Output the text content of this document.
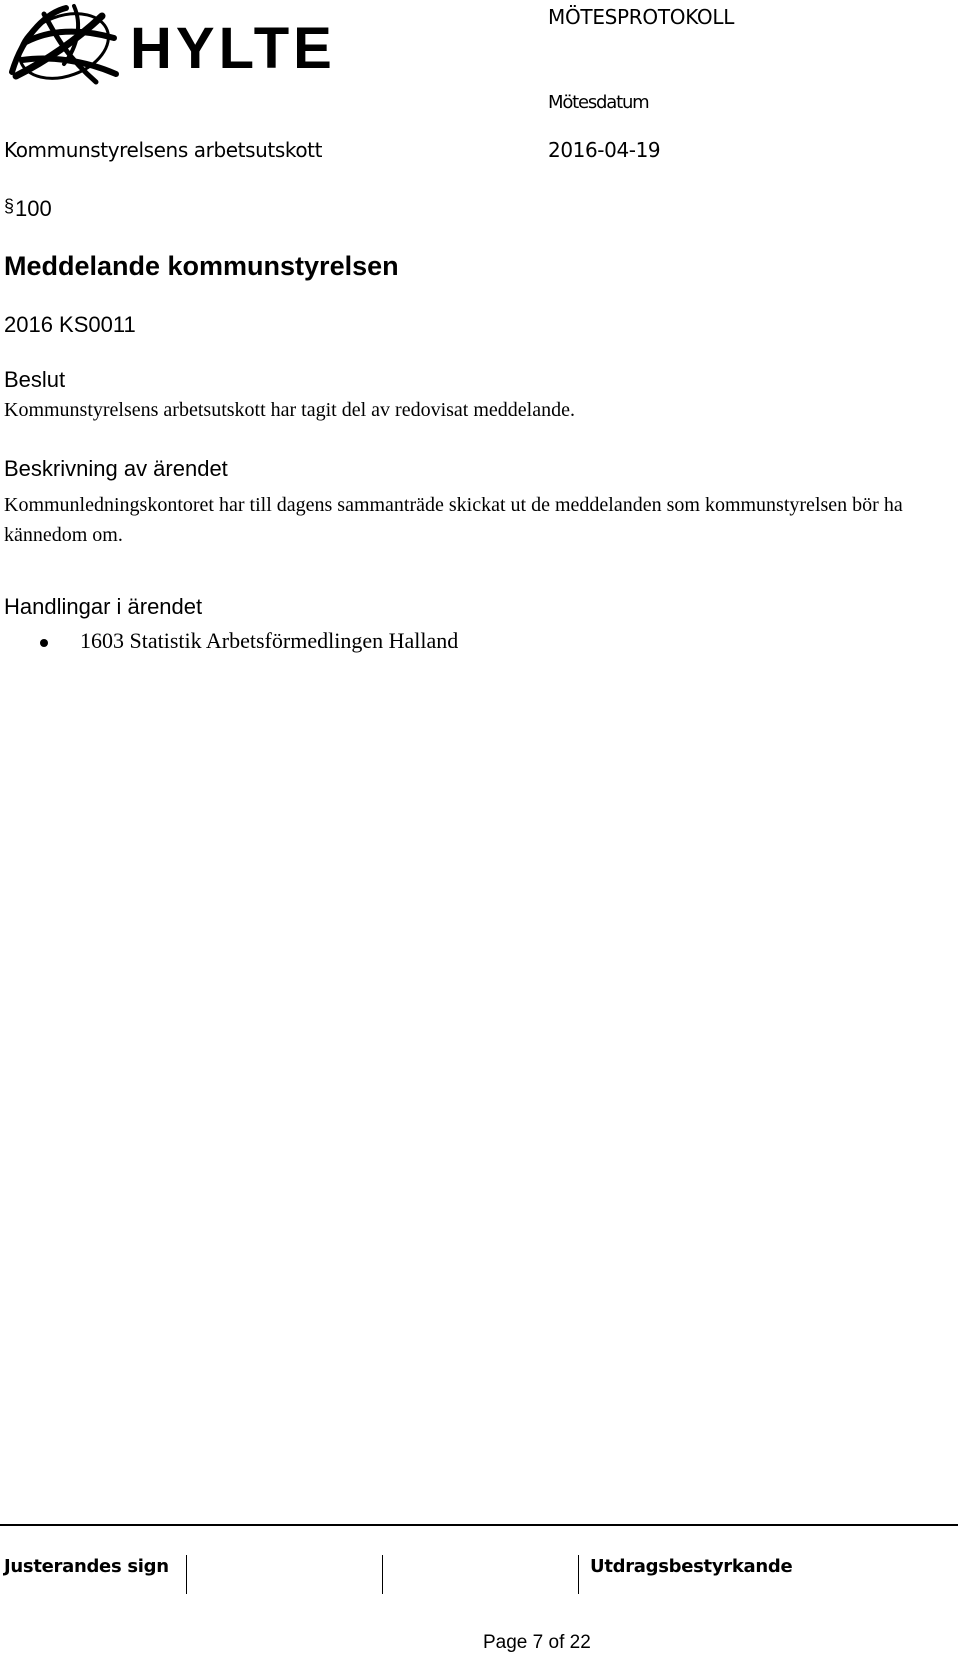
HYLTE	MÖTESPROTOKOLL
Mötesdatum
Kommunstyrelsens arbetsutskott	2016-04-19
§100
Meddelande kommunstyrelsen
2016 KS0011
Beslut
Kommunstyrelsens arbetsutskott har tagit del av redovisat meddelande.
Beskrivning av ärendet
Kommunledningskontoret har till dagens sammanträde skickat ut de meddelanden som kommunstyrelsen bör ha kännedom om.
Handlingar i ärendet
1603 Statistik Arbetsförmedlingen Halland
Justerandes sign	Utdragsbestyrkande
Page 7 of 22
